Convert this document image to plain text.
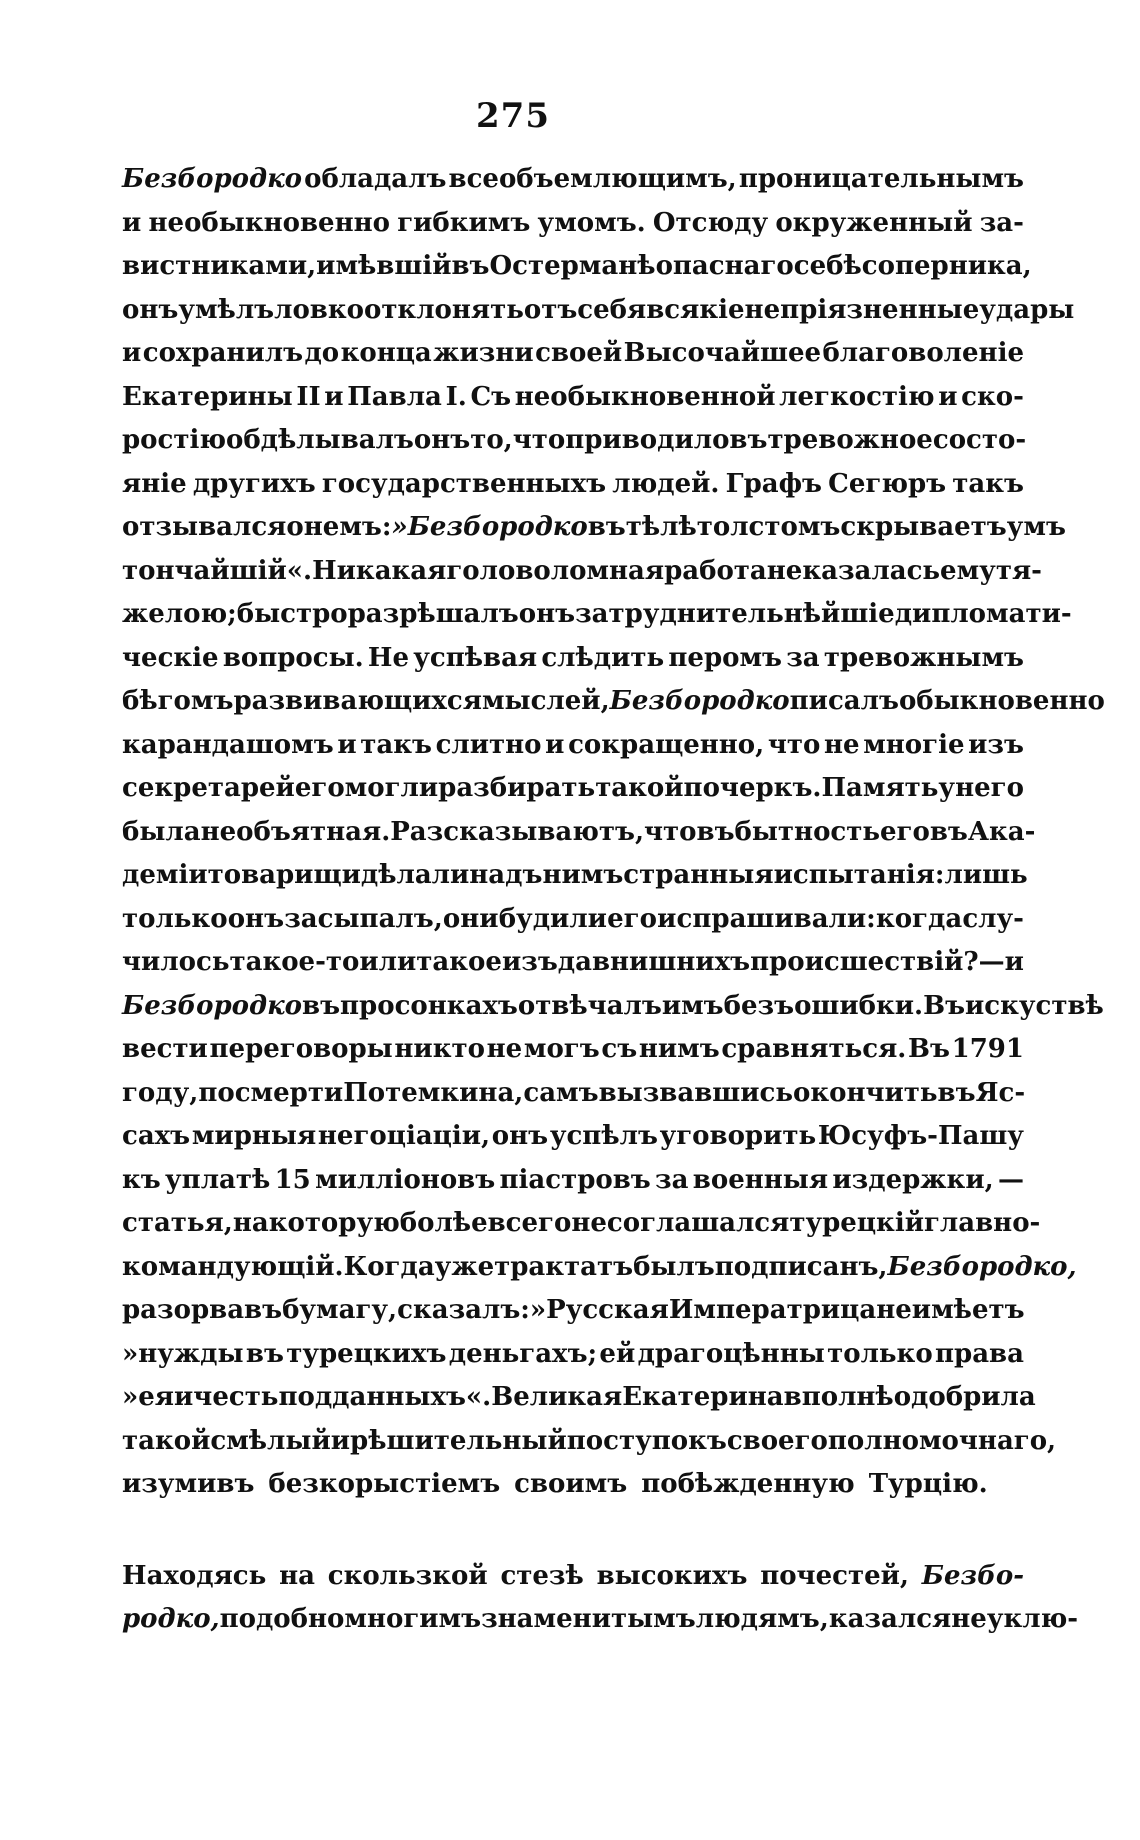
275
Безбородко обладалъ всеобъемлющимъ, проницательнымъ
и необыкновенно гибкимъ умомъ. Отсюду окруженный за-
вистниками, имѣвшій въ Остерманѣ опаснаго себѣ соперника,
онъ умѣлъ ловко отклонять отъ себя всякіе непріязненные удары
и сохранилъ до конца жизни своей Высочайшее благоволеніе
Екатерины II и Павла I. Съ необыкновенной легкостію и ско-
ростію обдѣлывалъ онъ то, что приводило въ тревожное состо-
яніе другихъ государственныхъ людей. Графъ Сегюръ такъ
отзывался о немъ: »Безбородко въ тѣлѣ толстомъ скрываетъ умъ
тончайшій«. Никакая головоломная работа не казалась ему тя-
желою; быстро разрѣшалъ онъ затруднительнѣйшіе дипломати-
ческіе вопросы. Не успѣвая слѣдить перомъ за тревожнымъ
бѣгомъ развивающихся мыслей, Безбородко писалъ обыкновенно
карандашомъ и такъ слитно и сокращенно, что не многіе изъ
секретарей его могли разбирать такой почеркъ. Память у него
была необъятная. Разсказываютъ, что въ бытность его въ Ака-
деміи товарищи дѣлали надъ нимъ странныя испытанія: лишь
только онъ засыпалъ, они будили его и спрашивали: когда слу-
чилось такое-то или такое изъ давнишнихъ происшествій? — и
Безбородко въ просонкахъ отвѣчалъ имъ безъ ошибки. Въ искуствѣ
вести переговоры никто не могъ съ нимъ сравняться. Въ 1791
году, по смерти Потемкина, самъ вызвавшись окончить въ Яс-
сахъ мирныя негоціаціи, онъ успѣлъ уговорить Юсуфъ-Пашу
къ уплатѣ 15 милліоновъ піастровъ за военныя издержки, —
статья, на которую болѣе всего не соглашался турецкій главно-
командующій. Когда уже трактатъ былъ подписанъ, Безбородко,
разорвавъ бумагу, сказалъ: »Русская Императрица не имѣетъ
»нужды въ турецкихъ деньгахъ; ей драгоцѣнны только права
»ея и честь подданныхъ«. Великая Екатерина вполнѣ одобрила
такой смѣлый и рѣшительный поступокъ своего полномочнаго,
изумивъ безкорыстіемъ своимъ побѣжденную Турцію.
Находясь на скользкой стезѣ высокихъ почестей, Безбо-
родко, подобно многимъ знаменитымъ людямъ, казался неуклю-
